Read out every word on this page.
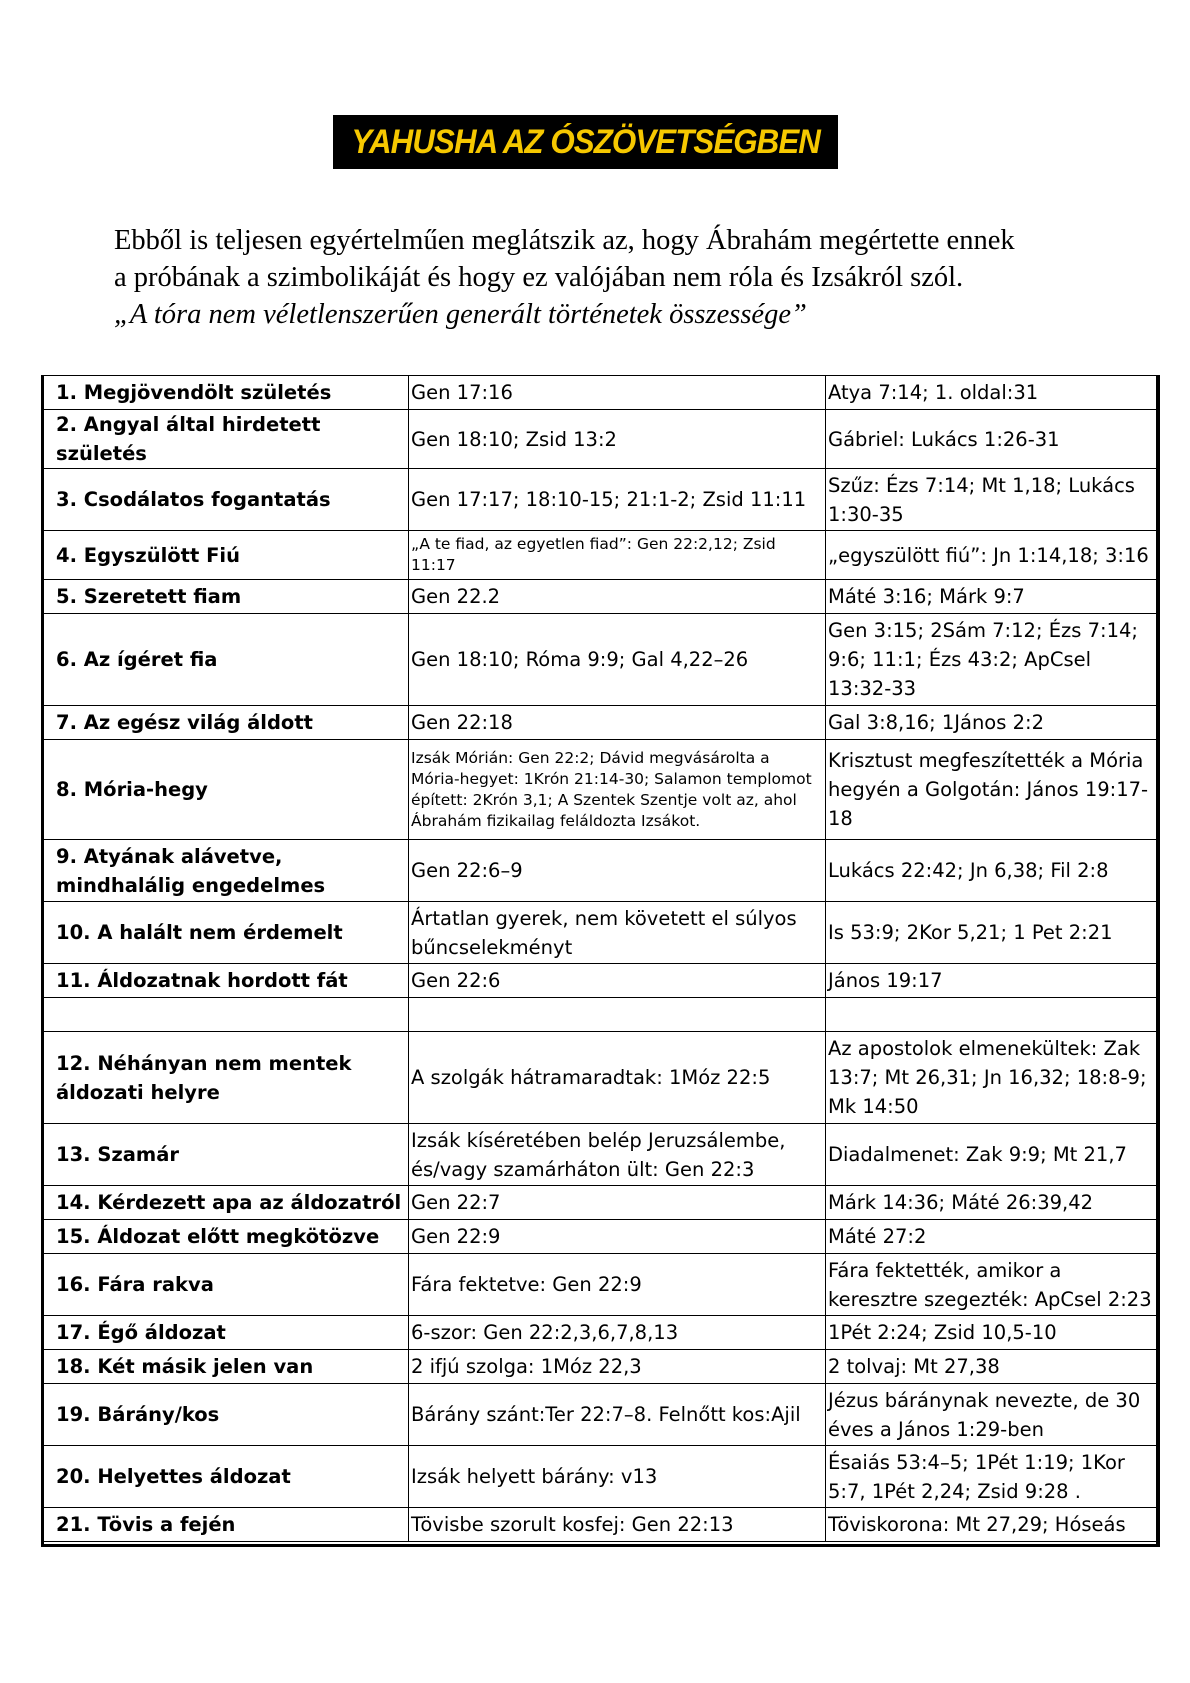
YAHUSHA AZ ÓSZÖVETSÉGBEN

Ebből is teljesen egyértelműen meglátszik az, hogy Ábrahám megértette ennek

a próbának a szimbolikáját és hogy ez valójában nem róla és Izsákról szól.

„A tóra nem véletlenszerűen generált történetek összessége”

1. Megjövendölt születés	Gen 17:16	Atya 7:14; 1. oldal:31
2. Angyal által hirdetett születés	Gen 18:10; Zsid 13:2	Gábriel: Lukács 1:26-31
3. Csodálatos fogantatás	Gen 17:17; 18:10-15; 21:1-2; Zsid 11:11	Szűz: Ézs 7:14; Mt 1,18; Lukács 1:30-35
4. Egyszülött Fiú	„A te fiad, az egyetlen fiad”: Gen 22:2,12; Zsid 11:17	„egyszülött fiú”: Jn 1:14,18; 3:16
5. Szeretett fiam	Gen 22.2	Máté 3:16; Márk 9:7
6. Az ígéret fia	Gen 18:10; Róma 9:9; Gal 4,22–26	Gen 3:15; 2Sám 7:12; Ézs 7:14; 9:6; 11:1; Ézs 43:2; ApCsel 13:32-33
7. Az egész világ áldott	Gen 22:18	Gal 3:8,16; 1János 2:2
8. Mória-hegy	Izsák Mórián: Gen 22:2; Dávid megvásárolta a Mória-hegyet: 1Krón 21:14-30; Salamon templomot épített: 2Krón 3,1; A Szentek Szentje volt az, ahol Ábrahám fizikailag feláldozta Izsákot.	Krisztust megfeszítették a Mória hegyén a Golgotán: János 19:17-18
9. Atyának alávetve, mindhalálig engedelmes	Gen 22:6–9	Lukács 22:42; Jn 6,38; Fil 2:8
10. A halált nem érdemelt	Ártatlan gyerek, nem követett el súlyos bűncselekményt	Is 53:9; 2Kor 5,21; 1 Pet 2:21
11. Áldozatnak hordott fát	Gen 22:6	János 19:17

12. Néhányan nem mentek áldozati helyre	A szolgák hátramaradtak: 1Móz 22:5	Az apostolok elmenekültek: Zak 13:7; Mt 26,31; Jn 16,32; 18:8-9; Mk 14:50
13. Szamár	Izsák kíséretében belép Jeruzsálembe, és/vagy szamárháton ült: Gen 22:3	Diadalmenet: Zak 9:9; Mt 21,7
14. Kérdezett apa az áldozatról	Gen 22:7	Márk 14:36; Máté 26:39,42
15. Áldozat előtt megkötözve	Gen 22:9	Máté 27:2
16. Fára rakva	Fára fektetve: Gen 22:9	Fára fektették, amikor a keresztre szegezték: ApCsel 2:23
17. Égő áldozat	6-szor: Gen 22:2,3,6,7,8,13	1Pét 2:24; Zsid 10,5-10
18. Két másik jelen van	2 ifjú szolga: 1Móz 22,3	2 tolvaj: Mt 27,38
19. Bárány/kos	Bárány szánt:Ter 22:7–8. Felnőtt kos:Ajil	Jézus báránynak nevezte, de 30 éves a János 1:29-ben
20. Helyettes áldozat	Izsák helyett bárány: v13	Ésaiás 53:4–5; 1Pét 1:19; 1Kor 5:7, 1Pét 2,24; Zsid 9:28 .
21. Tövis a fején	Tövisbe szorult kosfej: Gen 22:13	Töviskorona: Mt 27,29; Hóseás
